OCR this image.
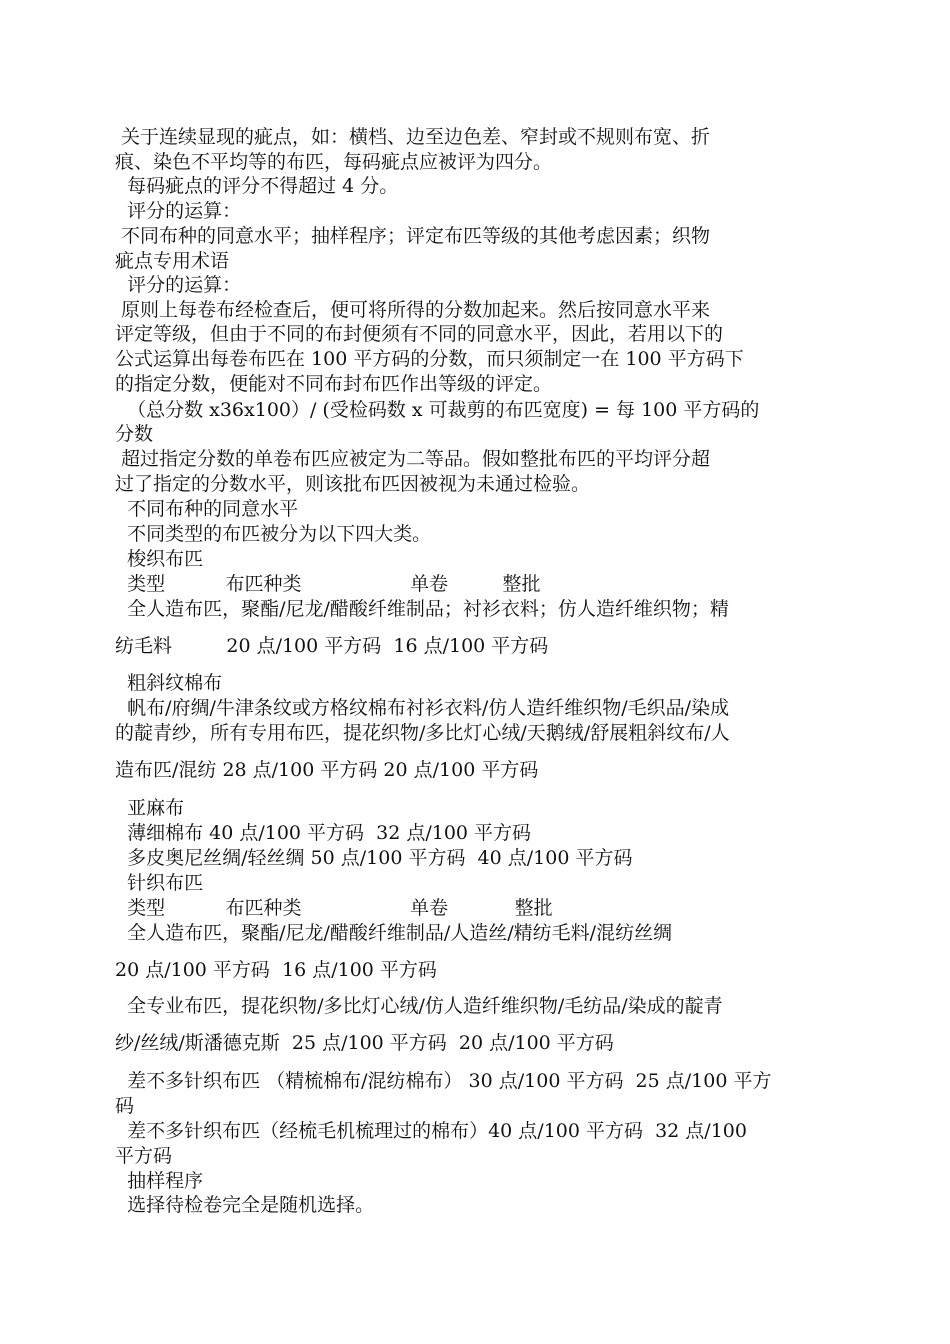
关于连续显现的疵点，如：横档、边至边色差、窄封或不规则布宽、折

痕、染色不平均等的布匹，每码疵点应被评为四分。

每码疵点的评分不得超过 4 分。

评分的运算：

不同布种的同意水平；抽样程序；评定布匹等级的其他考虑因素；织物

疵点专用术语

评分的运算：

原则上每卷布经检查后，便可将所得的分数加起来。然后按同意水平来

评定等级，但由于不同的布封便须有不同的同意水平，因此，若用以下的

公式运算出每卷布匹在 100 平方码的分数，而只须制定一在 100 平方码下

的指定分数，便能对不同布封布匹作出等级的评定。

（总分数 x36x100）/ (受检码数 x 可裁剪的布匹宽度) = 每 100 平方码的

分数

超过指定分数的单卷布匹应被定为二等品。假如整批布匹的平均评分超

过了指定的分数水平，则该批布匹因被视为未通过检验。

不同布种的同意水平

不同类型的布匹被分为以下四大类。

梭织布匹

类型          布匹种类                  单卷         整批

全人造布匹，聚酯/尼龙/醋酸纤维制品；衬衫衣料；仿人造纤维织物；精

纺毛料         20 点/100 平方码  16 点/100 平方码

粗斜纹棉布

帆布/府绸/牛津条纹或方格纹棉布衬衫衣料/仿人造纤维织物/毛织品/染成

的靛青纱，所有专用布匹，提花织物/多比灯心绒/天鹅绒/舒展粗斜纹布/人

造布匹/混纺 28 点/100 平方码 20 点/100 平方码

亚麻布

薄细棉布 40 点/100 平方码  32 点/100 平方码

多皮奥尼丝绸/轻丝绸 50 点/100 平方码  40 点/100 平方码

针织布匹

类型          布匹种类                  单卷           整批

全人造布匹，聚酯/尼龙/醋酸纤维制品/人造丝/精纺毛料/混纺丝绸

20 点/100 平方码  16 点/100 平方码

全专业布匹，提花织物/多比灯心绒/仿人造纤维织物/毛纺品/染成的靛青

纱/丝绒/斯潘德克斯  25 点/100 平方码  20 点/100 平方码

差不多针织布匹 （精梳棉布/混纺棉布） 30 点/100 平方码  25 点/100 平方

码

差不多针织布匹（经梳毛机梳理过的棉布）40 点/100 平方码  32 点/100

平方码

抽样程序

选择待检卷完全是随机选择。
